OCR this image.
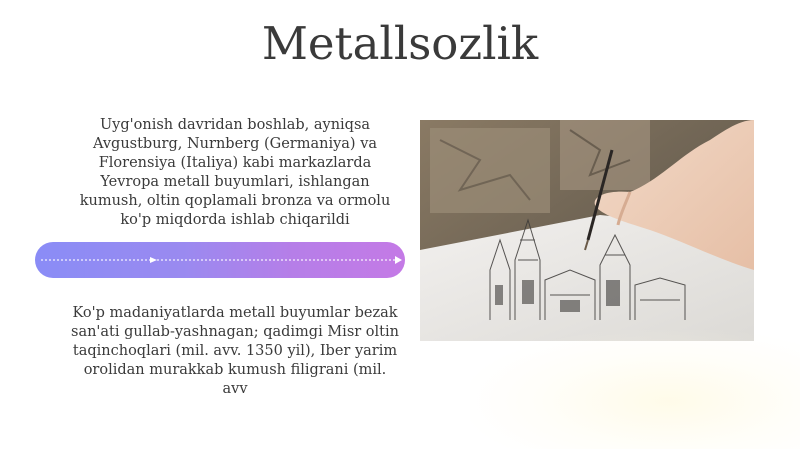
Metallsozlik
Uyg'onish davridan boshlab, ayniqsa Avgustburg, Nurnberg (Germaniya) va Florensiya (Italiya) kabi markazlarda Yevropa metall buyumlari, ishlangan kumush, oltin qoplamali bronza va ormolu ko'p miqdorda ishlab chiqarildi
Ko'p madaniyatlarda metall buyumlar bezak san'ati gullab-yashnagan; qadimgi Misr oltin taqinchoqlari (mil. avv. 1350 yil), Iber yarim orolidan murakkab kumush filigrani (mil. avv
